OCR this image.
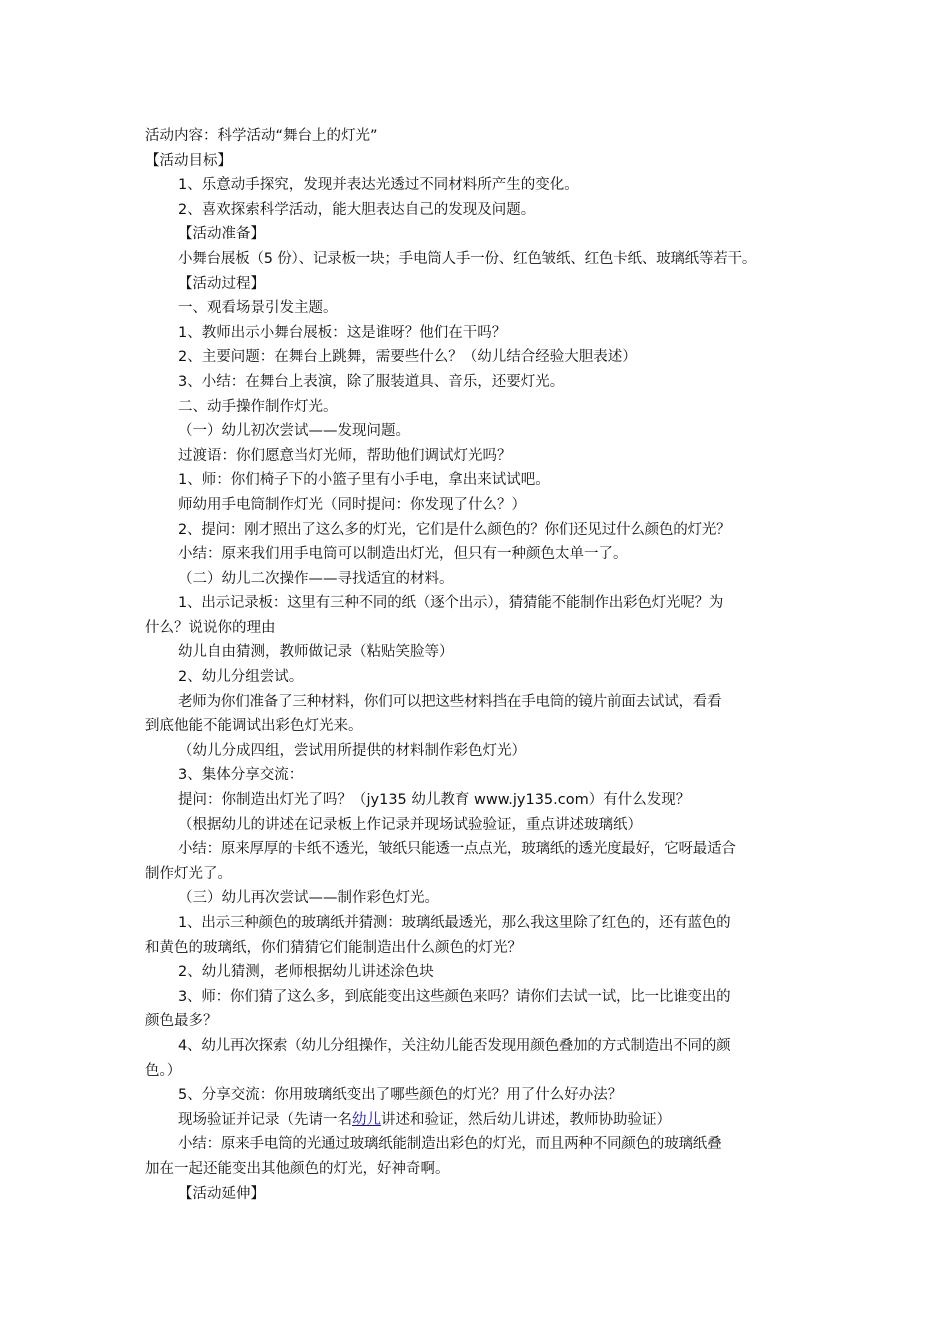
活动内容：科学活动“舞台上的灯光”
【活动目标】
1、乐意动手探究，发现并表达光透过不同材料所产生的变化。
2、喜欢探索科学活动，能大胆表达自己的发现及问题。
【活动准备】
小舞台展板（5 份）、记录板一块；手电筒人手一份、红色皱纸、红色卡纸、玻璃纸等若干。
【活动过程】
一、观看场景引发主题。
1、教师出示小舞台展板：这是谁呀？他们在干吗？
2、主要问题：在舞台上跳舞，需要些什么？（幼儿结合经验大胆表述）
3、小结：在舞台上表演，除了服装道具、音乐，还要灯光。
二、动手操作制作灯光。
（一）幼儿初次尝试——发现问题。
过渡语：你们愿意当灯光师，帮助他们调试灯光吗？
1、师：你们椅子下的小篮子里有小手电，拿出来试试吧。
师幼用手电筒制作灯光（同时提问：你发现了什么？）
2、提问：刚才照出了这么多的灯光，它们是什么颜色的？你们还见过什么颜色的灯光？
小结：原来我们用手电筒可以制造出灯光，但只有一种颜色太单一了。
（二）幼儿二次操作——寻找适宜的材料。
1、出示记录板：这里有三种不同的纸（逐个出示），猜猜能不能制作出彩色灯光呢？为
什么？说说你的理由
幼儿自由猜测，教师做记录（粘贴笑脸等）
2、幼儿分组尝试。
老师为你们准备了三种材料，你们可以把这些材料挡在手电筒的镜片前面去试试，看看
到底他能不能调试出彩色灯光来。
（幼儿分成四组，尝试用所提供的材料制作彩色灯光）
3、集体分享交流：
提问：你制造出灯光了吗？（jy135 幼儿教育 www.jy135.com）有什么发现？
（根据幼儿的讲述在记录板上作记录并现场试验验证，重点讲述玻璃纸）
小结：原来厚厚的卡纸不透光，皱纸只能透一点点光，玻璃纸的透光度最好，它呀最适合
制作灯光了。
（三）幼儿再次尝试——制作彩色灯光。
1、出示三种颜色的玻璃纸并猜测：玻璃纸最透光，那么我这里除了红色的，还有蓝色的
和黄色的玻璃纸，你们猜猜它们能制造出什么颜色的灯光？
2、幼儿猜测，老师根据幼儿讲述涂色块
3、师：你们猜了这么多，到底能变出这些颜色来吗？请你们去试一试，比一比谁变出的
颜色最多？
4、幼儿再次探索（幼儿分组操作，关注幼儿能否发现用颜色叠加的方式制造出不同的颜
色。）
5、分享交流：你用玻璃纸变出了哪些颜色的灯光？用了什么好办法？
现场验证并记录（先请一名幼儿讲述和验证，然后幼儿讲述，教师协助验证）
小结：原来手电筒的光通过玻璃纸能制造出彩色的灯光，而且两种不同颜色的玻璃纸叠
加在一起还能变出其他颜色的灯光，好神奇啊。
【活动延伸】
